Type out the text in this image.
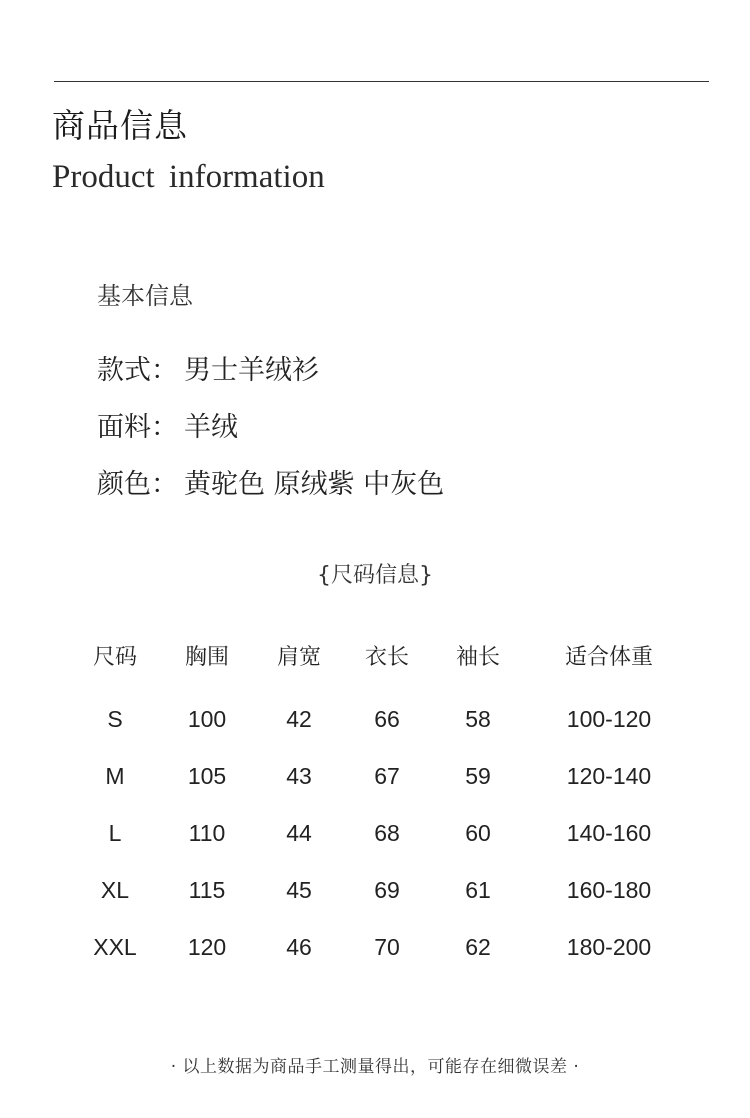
商品信息
Product information
基本信息
款式： 男士羊绒衫
面料： 羊绒
颜色： 黄驼色 原绒紫 中灰色
{尺码信息}
尺码	胸围	肩宽	衣长	袖长	适合体重
S	100	42	66	58	100-120
M	105	43	67	59	120-140
L	110	44	68	60	140-160
XL	115	45	69	61	160-180
XXL	120	46	70	62	180-200
· 以上数据为商品手工测量得出，可能存在细微误差 ·
